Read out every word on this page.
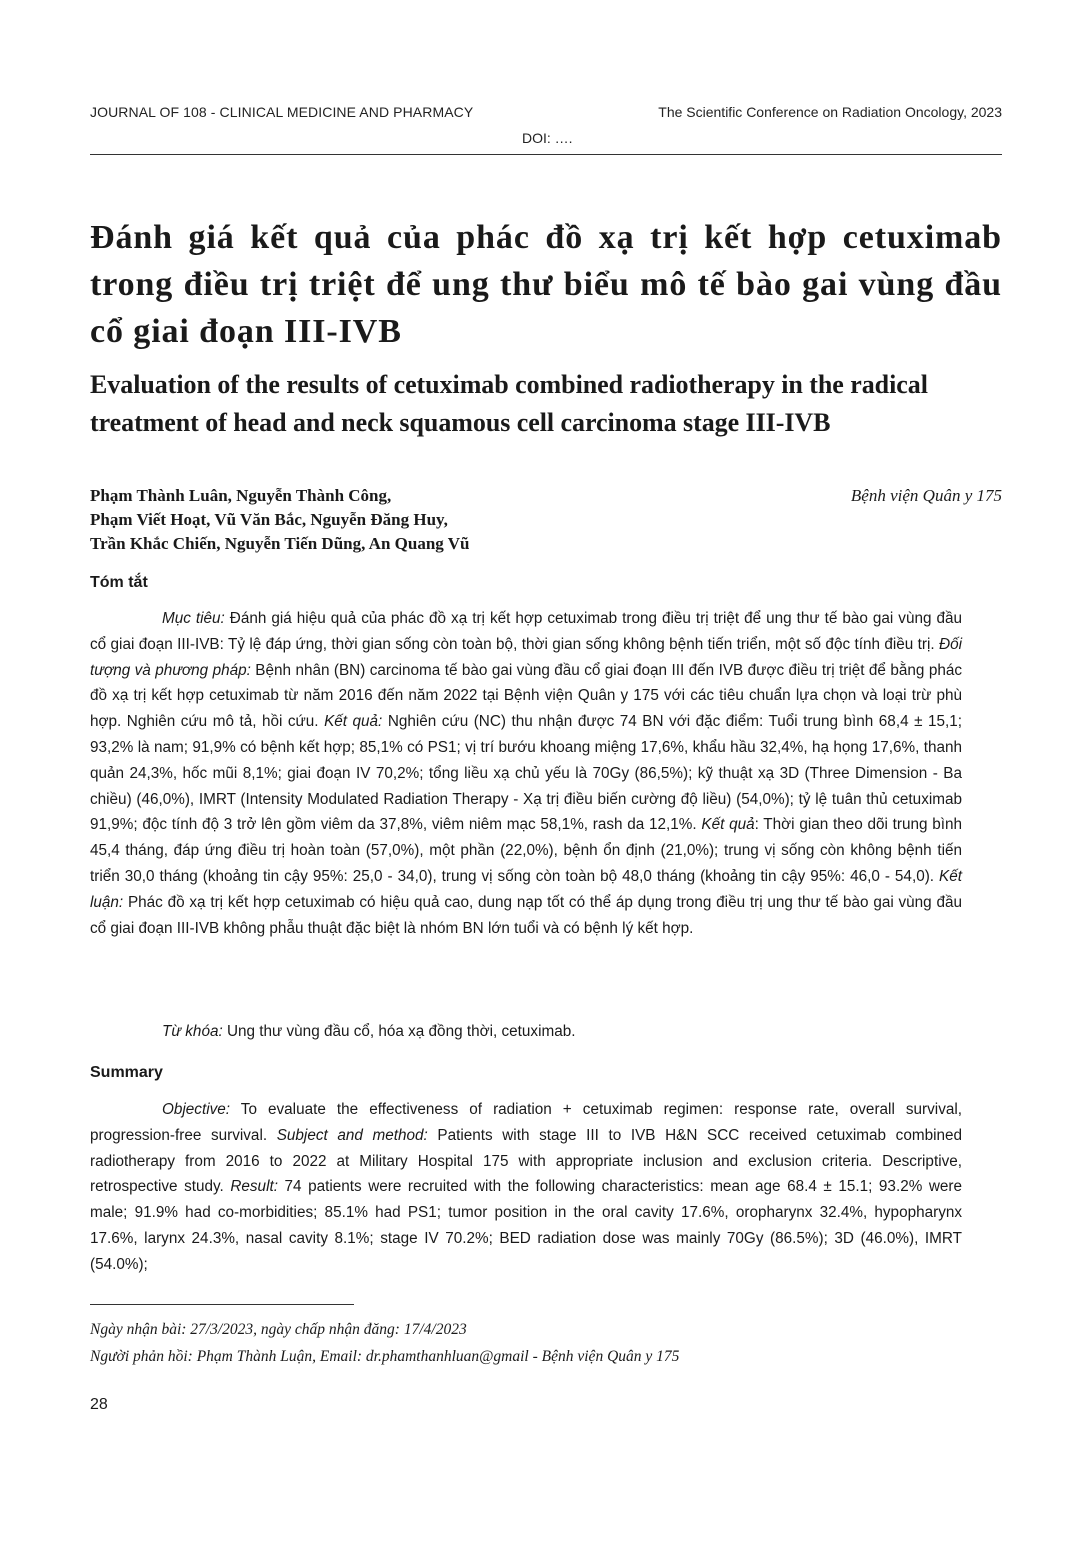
JOURNAL OF 108 - CLINICAL MEDICINE AND PHARMACY	The Scientific Conference on Radiation Oncology, 2023
DOI: ….
Đánh giá kết quả của phác đồ xạ trị kết hợp cetuximab trong điều trị triệt để ung thư biểu mô tế bào gai vùng đầu cổ giai đoạn III-IVB
Evaluation of the results of cetuximab combined radiotherapy in the radical treatment of head and neck squamous cell carcinoma stage III-IVB
Phạm Thành Luân, Nguyễn Thành Công,
Phạm Viết Hoạt, Vũ Văn Bắc, Nguyễn Đăng Huy,
Trần Khắc Chiến, Nguyễn Tiến Dũng, An Quang Vũ
Bệnh viện Quân y 175
Tóm tắt

Mục tiêu: Đánh giá hiệu quả của phác đồ xạ trị kết hợp cetuximab trong điều trị triệt để ung thư tế bào gai vùng đầu cổ giai đoạn III-IVB: Tỷ lệ đáp ứng, thời gian sống còn toàn bộ, thời gian sống không bệnh tiến triển, một số độc tính điều trị. Đối tượng và phương pháp: Bệnh nhân (BN) carcinoma tế bào gai vùng đầu cổ giai đoạn III đến IVB được điều trị triệt để bằng phác đồ xạ trị kết hợp cetuximab từ năm 2016 đến năm 2022 tại Bệnh viện Quân y 175 với các tiêu chuẩn lựa chọn và loại trừ phù hợp. Nghiên cứu mô tả, hồi cứu. Kết quả: Nghiên cứu (NC) thu nhận được 74 BN với đặc điểm: Tuổi trung bình 68,4 ± 15,1; 93,2% là nam; 91,9% có bệnh kết hợp; 85,1% có PS1; vị trí bướu khoang miệng 17,6%, khẩu hầu 32,4%, hạ họng 17,6%, thanh quản 24,3%, hốc mũi 8,1%; giai đoạn IV 70,2%; tổng liều xạ chủ yếu là 70Gy (86,5%); kỹ thuật xạ 3D (Three Dimension - Ba chiều) (46,0%), IMRT (Intensity Modulated Radiation Therapy - Xạ trị điều biến cường độ liều) (54,0%); tỷ lệ tuân thủ cetuximab 91,9%; độc tính độ 3 trở lên gồm viêm da 37,8%, viêm niêm mạc 58,1%, rash da 12,1%. Kết quả: Thời gian theo dõi trung bình 45,4 tháng, đáp ứng điều trị hoàn toàn (57,0%), một phần (22,0%), bệnh ổn định (21,0%); trung vị sống còn không bệnh tiến triển 30,0 tháng (khoảng tin cậy 95%: 25,0 - 34,0), trung vị sống còn toàn bộ 48,0 tháng (khoảng tin cậy 95%: 46,0 - 54,0). Kết luận: Phác đồ xạ trị kết hợp cetuximab có hiệu quả cao, dung nạp tốt có thể áp dụng trong điều trị ung thư tế bào gai vùng đầu cổ giai đoạn III-IVB không phẫu thuật đặc biệt là nhóm BN lớn tuổi và có bệnh lý kết hợp.

Từ khóa: Ung thư vùng đầu cổ, hóa xạ đồng thời, cetuximab.

Summary

Objective: To evaluate the effectiveness of radiation + cetuximab regimen: response rate, overall survival, progression-free survival. Subject and method: Patients with stage III to IVB H&N SCC received cetuximab combined radiotherapy from 2016 to 2022 at Military Hospital 175 with appropriate inclusion and exclusion criteria. Descriptive, retrospective study. Result: 74 patients were recruited with the following characteristics: mean age 68.4 ± 15.1; 93.2% were male; 91.9% had co-morbidities; 85.1% had PS1; tumor position in the oral cavity 17.6%, oropharynx 32.4%, hypopharynx 17.6%, larynx 24.3%, nasal cavity 8.1%; stage IV 70.2%; BED radiation dose was mainly 70Gy (86.5%); 3D (46.0%), IMRT (54.0%);

Ngày nhận bài: 27/3/2023, ngày chấp nhận đăng: 17/4/2023

Người phản hồi: Phạm Thành Luận, Email: dr.phamthanhluan@gmail - Bệnh viện Quân y 175

28
